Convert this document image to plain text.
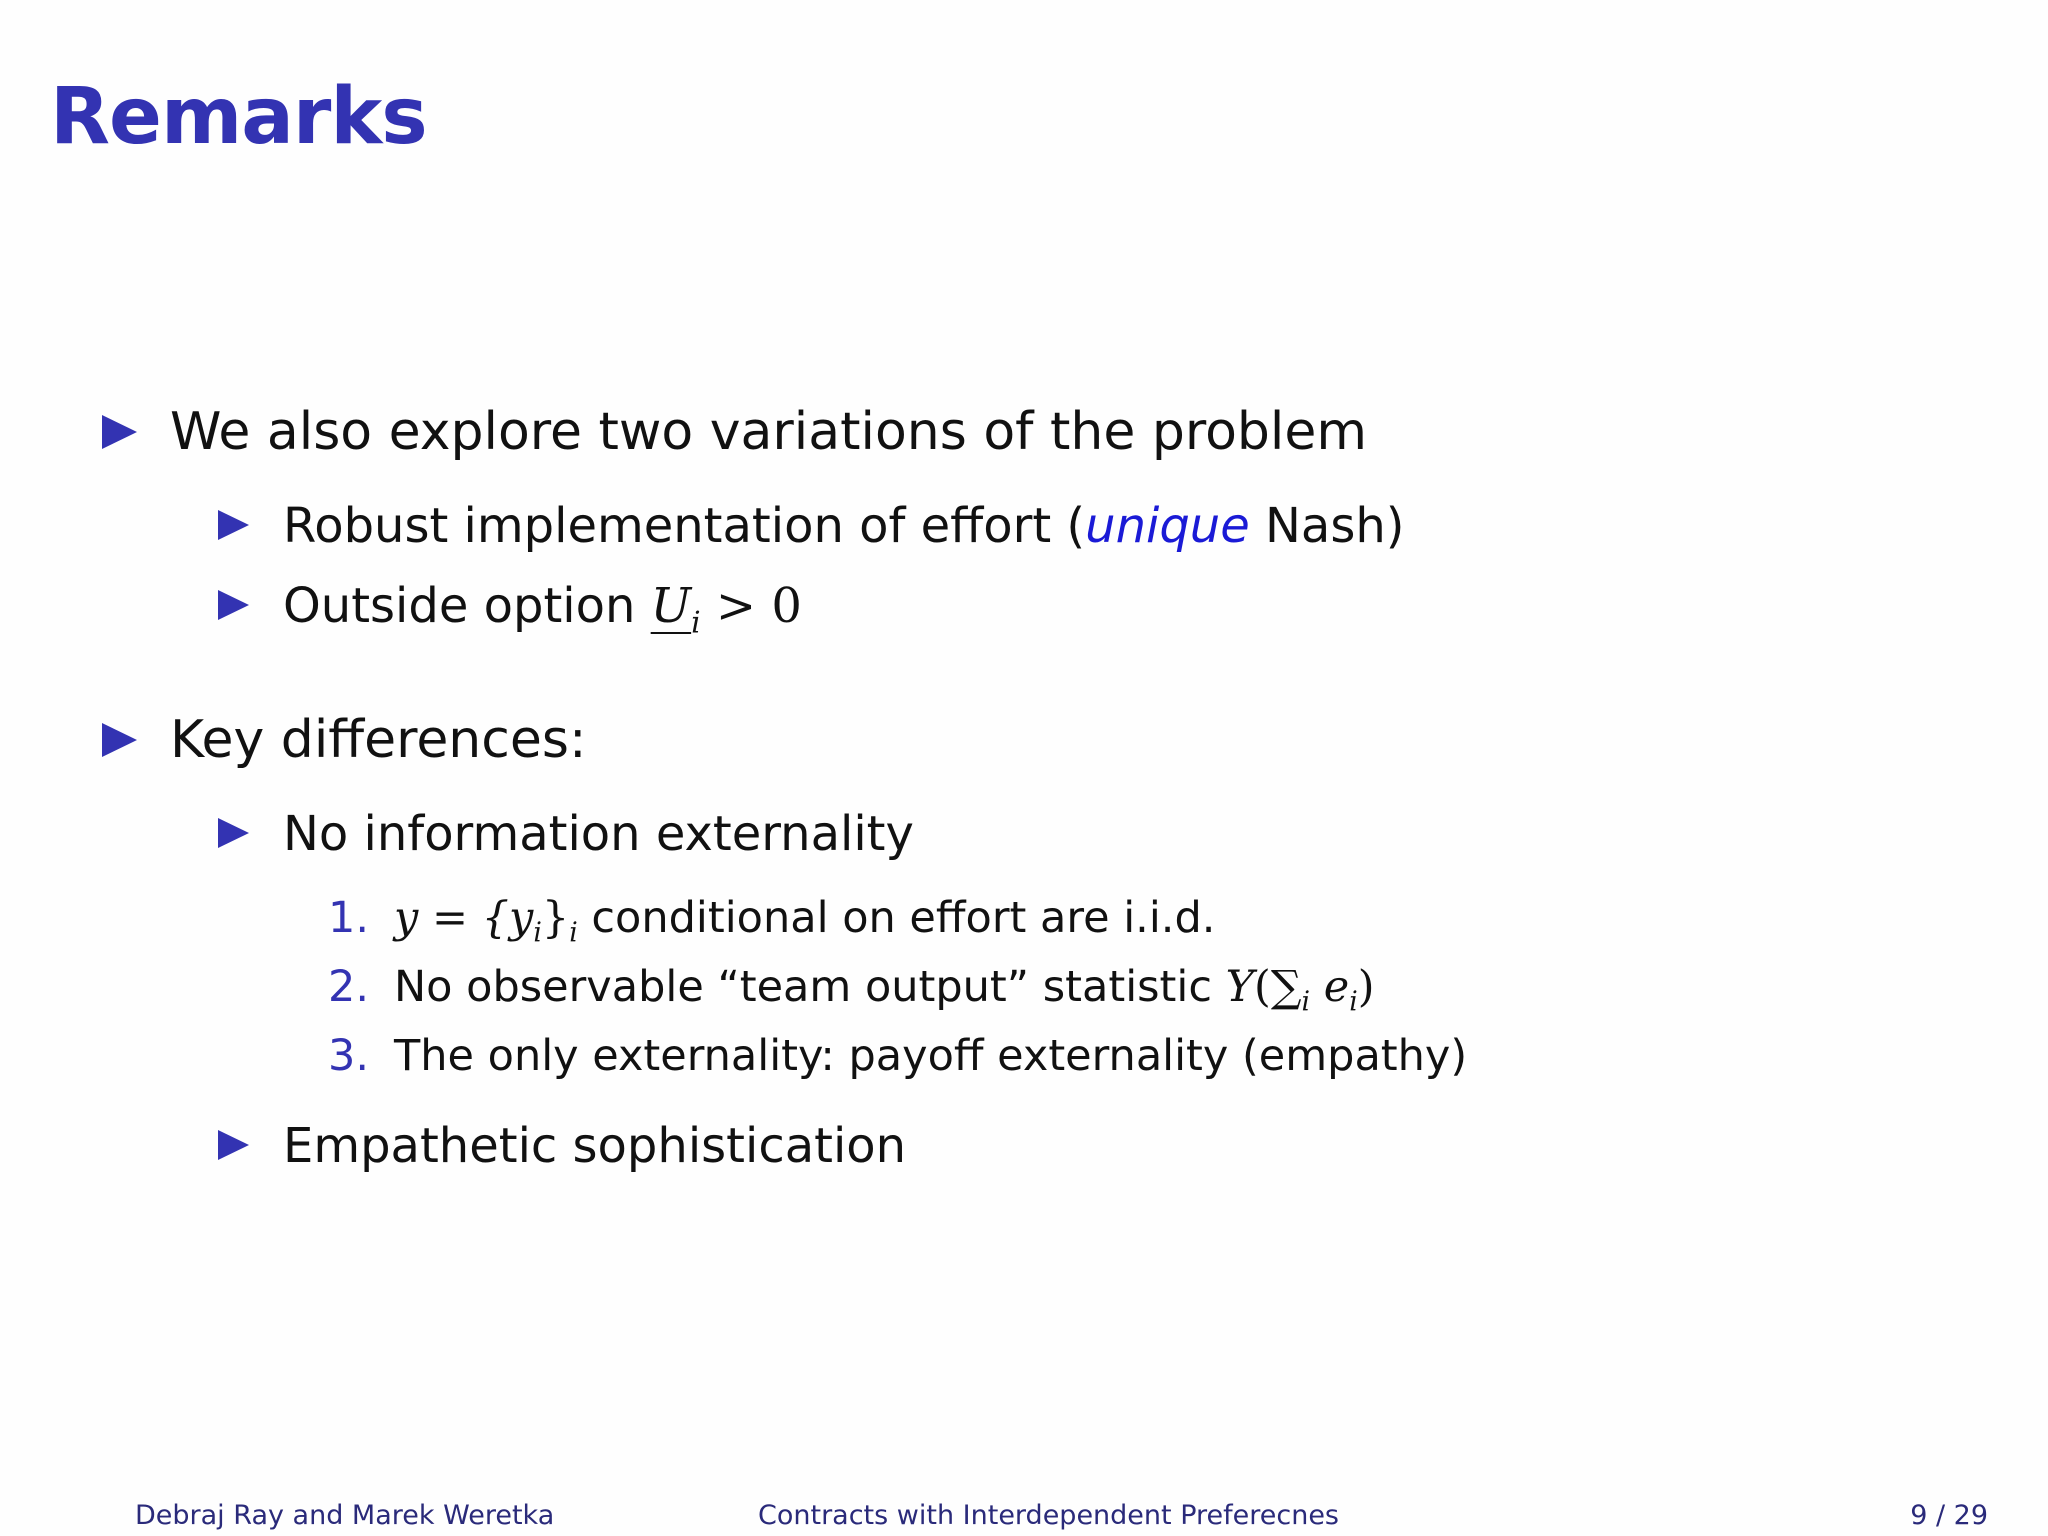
Remarks
We also explore two variations of the problem
Robust implementation of effort (unique Nash)
Outside option $U_i > 0$
Key differences:
No information externality
1. $y = \{y_i\}_i$ conditional on effort are i.i.d.
2. No observable “team output” statistic $Y(\sum_i$ $e_i$)
3. The only externality: payoff externality (empathy)
Empathetic sophistication
Debraj Ray and Marek Weretka	Contracts with Interdependent Preferecnes	9 / 29
